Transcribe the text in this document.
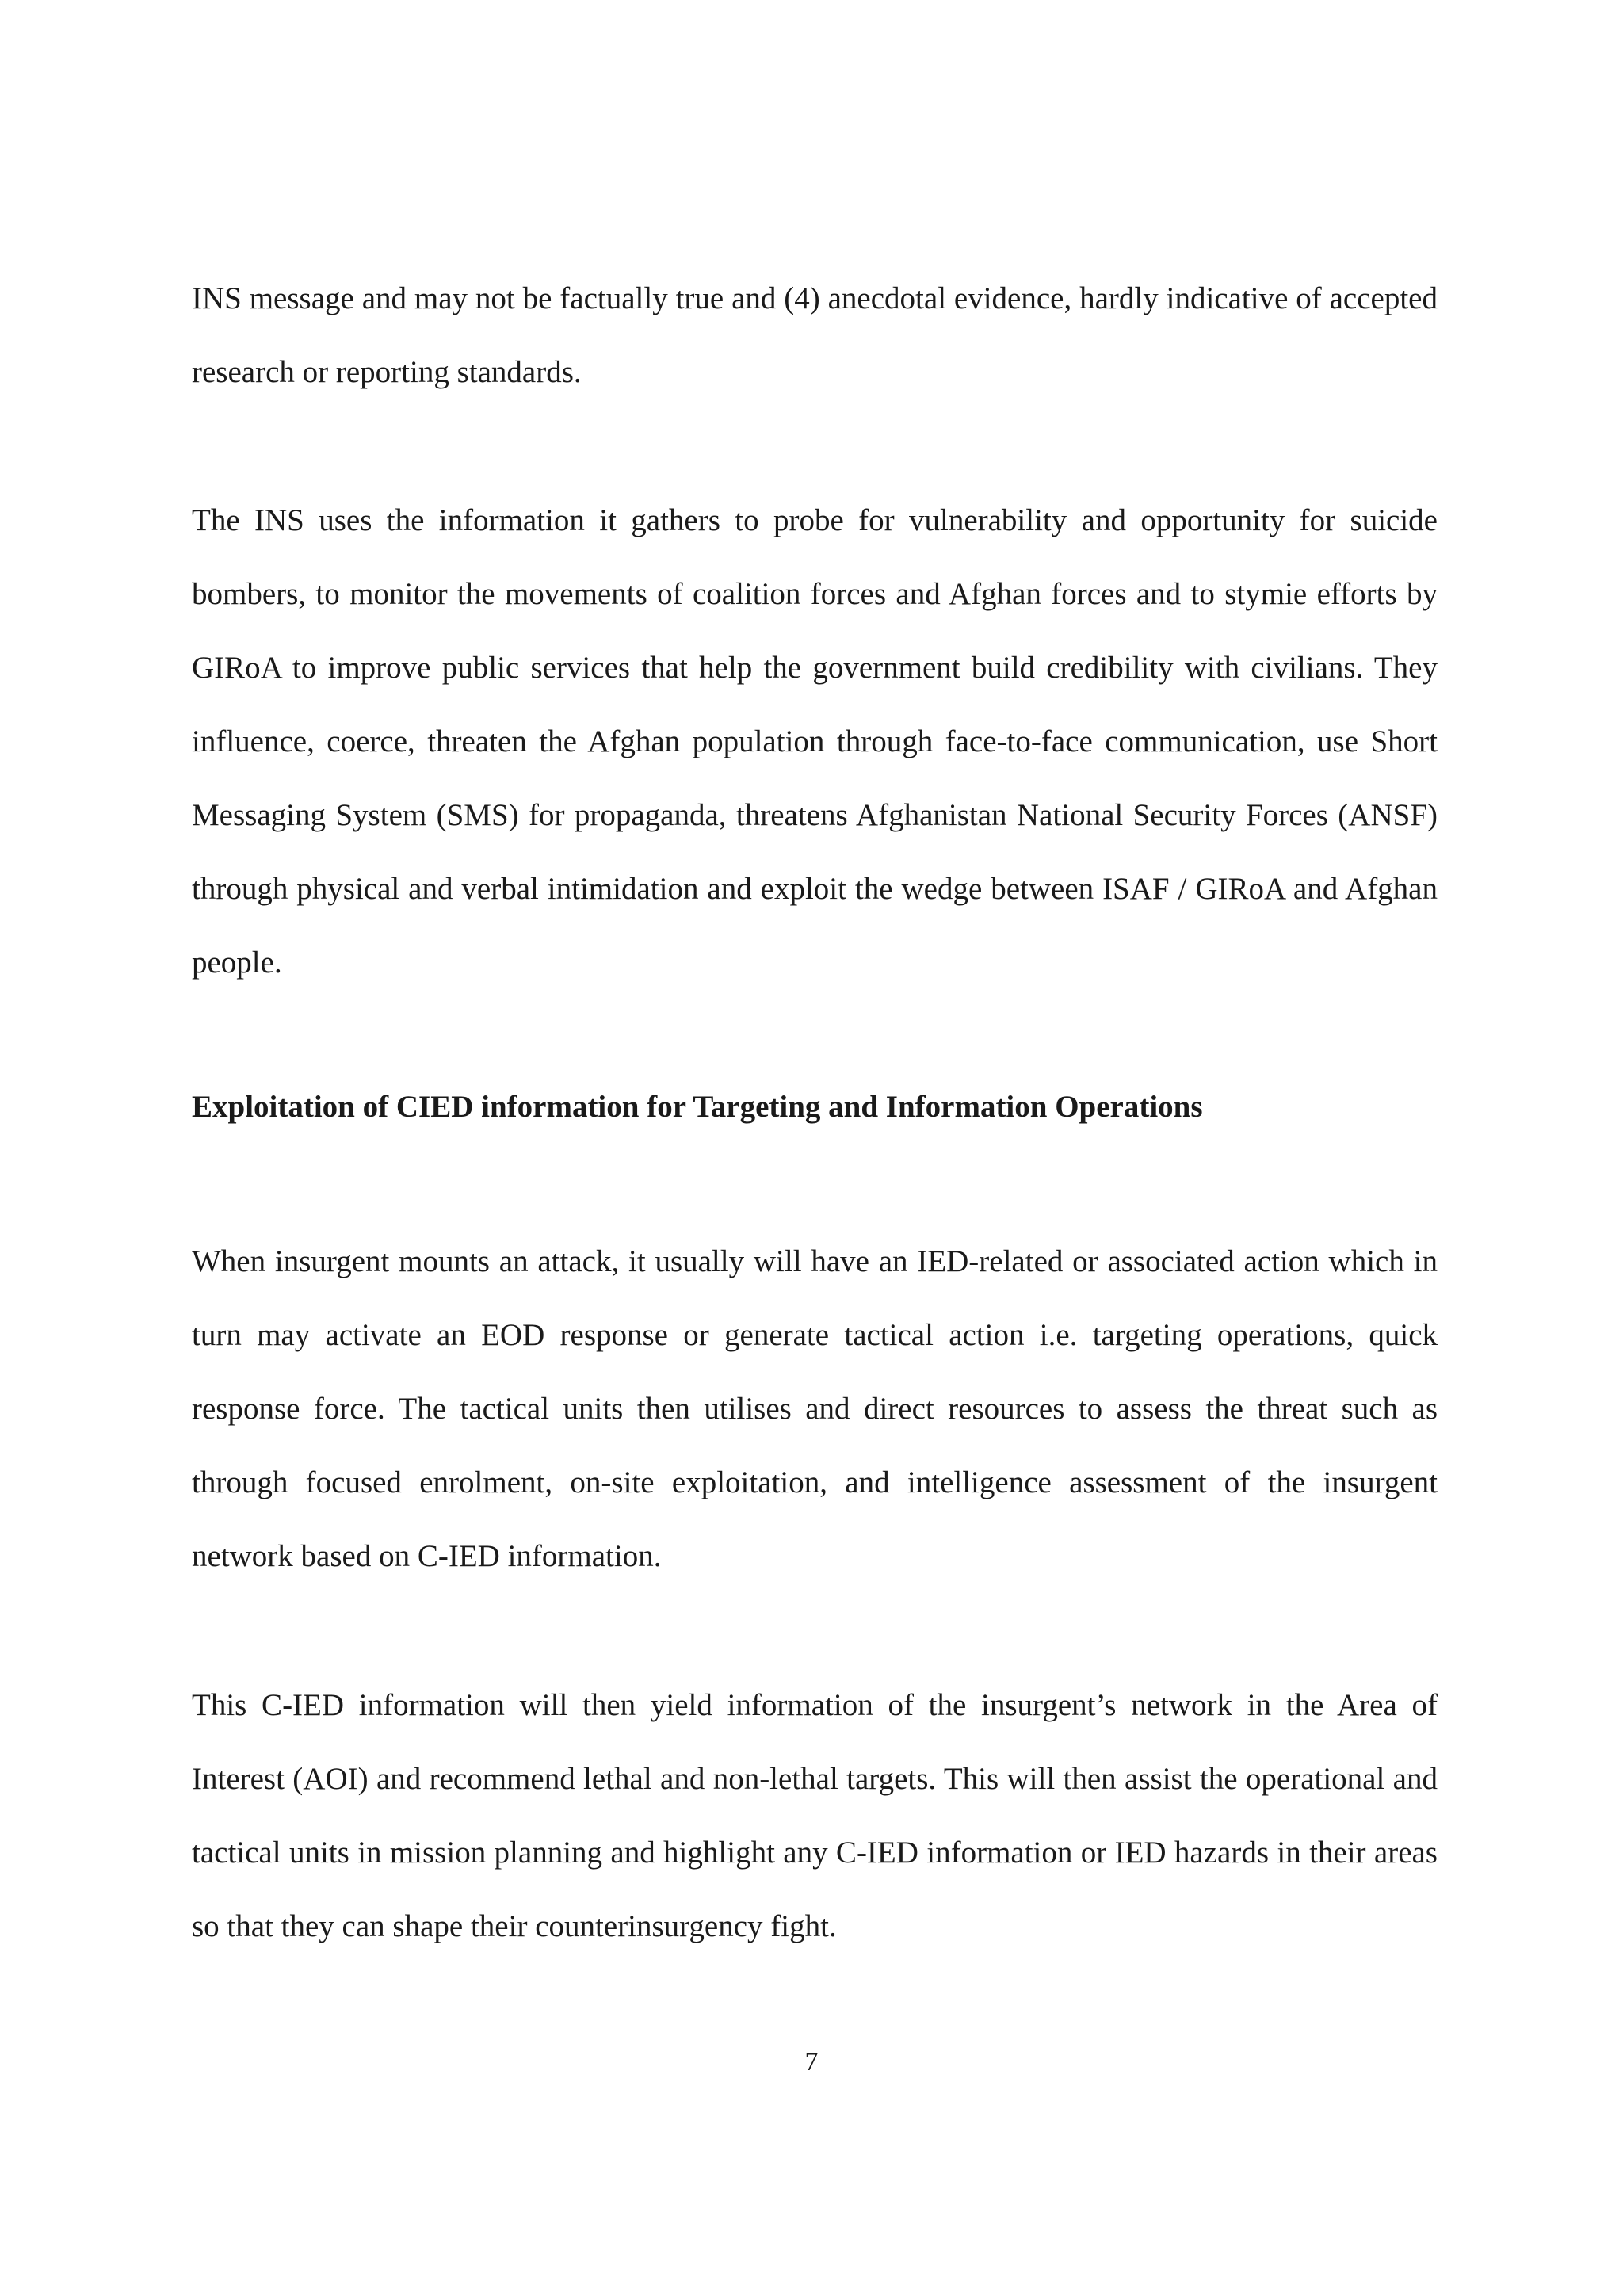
INS message and may not be factually true and (4) anecdotal evidence, hardly indicative of accepted research or reporting standards.

The INS uses the information it gathers to probe for vulnerability and opportunity for suicide bombers, to monitor the movements of coalition forces and Afghan forces and to stymie efforts by GIRoA to improve public services that help the government build credibility with civilians. They influence, coerce, threaten the Afghan population through face-to-face communication, use Short Messaging System (SMS) for propaganda, threatens Afghanistan National Security Forces (ANSF) through physical and verbal intimidation and exploit the wedge between ISAF / GIRoA and Afghan people.

Exploitation of CIED information for Targeting and Information Operations

When insurgent mounts an attack, it usually will have an IED-related or associated action which in turn may activate an EOD response or generate tactical action i.e. targeting operations, quick response force. The tactical units then utilises and direct resources to assess the threat such as through focused enrolment, on-site exploitation, and intelligence assessment of the insurgent network based on C-IED information.

This C-IED information will then yield information of the insurgent’s network in the Area of Interest (AOI) and recommend lethal and non-lethal targets. This will then assist the operational and tactical units in mission planning and highlight any C-IED information or IED hazards in their areas so that they can shape their counterinsurgency fight.

7
